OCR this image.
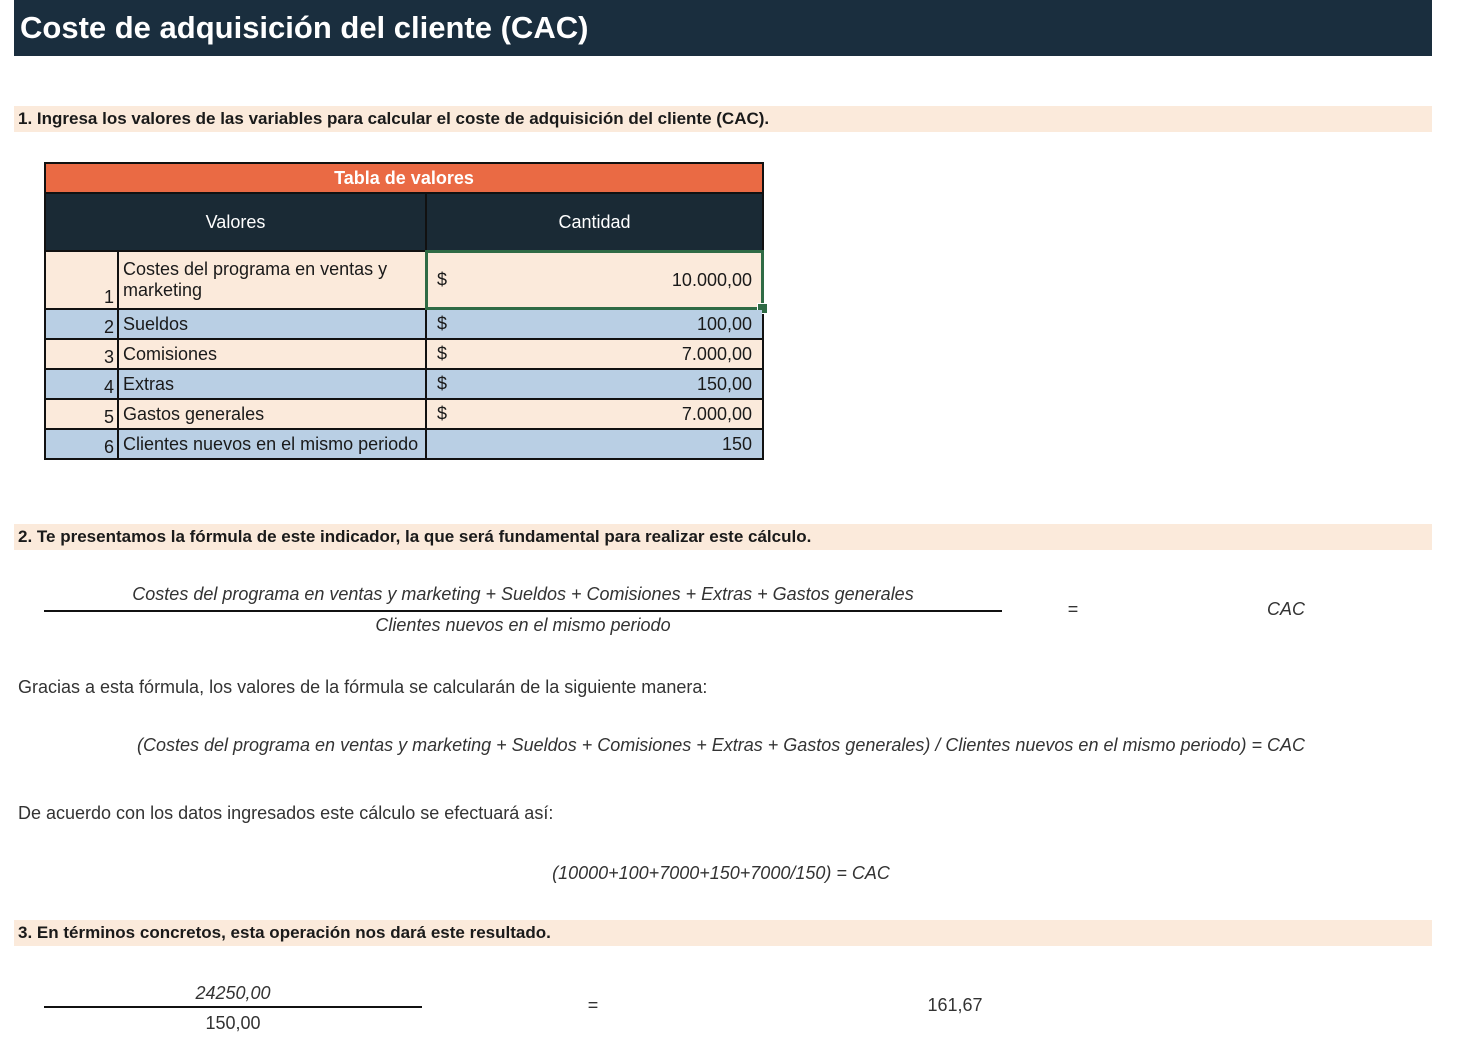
Coste de adquisición del cliente (CAC)
1. Ingresa los valores de las variables para calcular el coste de adquisición del cliente (CAC).
Tabla de valores		
Valores		Cantidad
1	Costes del programa en ventas y marketing	$ 10.000,00

2	Sueldos	$ 100,00

3	Comisiones	$ 7.000,00

4	Extras	$ 150,00

5	Gastos generales	$ 7.000,00

6	Clientes nuevos en el mismo periodo	150
2. Te presentamos la fórmula de este indicador, la que será fundamental para realizar este cálculo.
Costes del programa en ventas y marketing + Sueldos + Comisiones + Extras + Gastos generales
Clientes nuevos en el mismo periodo
=	CAC
Gracias a esta fórmula, los valores de la fórmula se calcularán de la siguiente manera:
(Costes del programa en ventas y marketing + Sueldos + Comisiones + Extras + Gastos generales) / Clientes nuevos en el mismo periodo) = CAC
De acuerdo con los datos ingresados este cálculo se efectuará así:
(10000+100+7000+150+7000/150) = CAC
3. En términos concretos, esta operación nos dará este resultado.
24250,00
150,00
=	161,67
